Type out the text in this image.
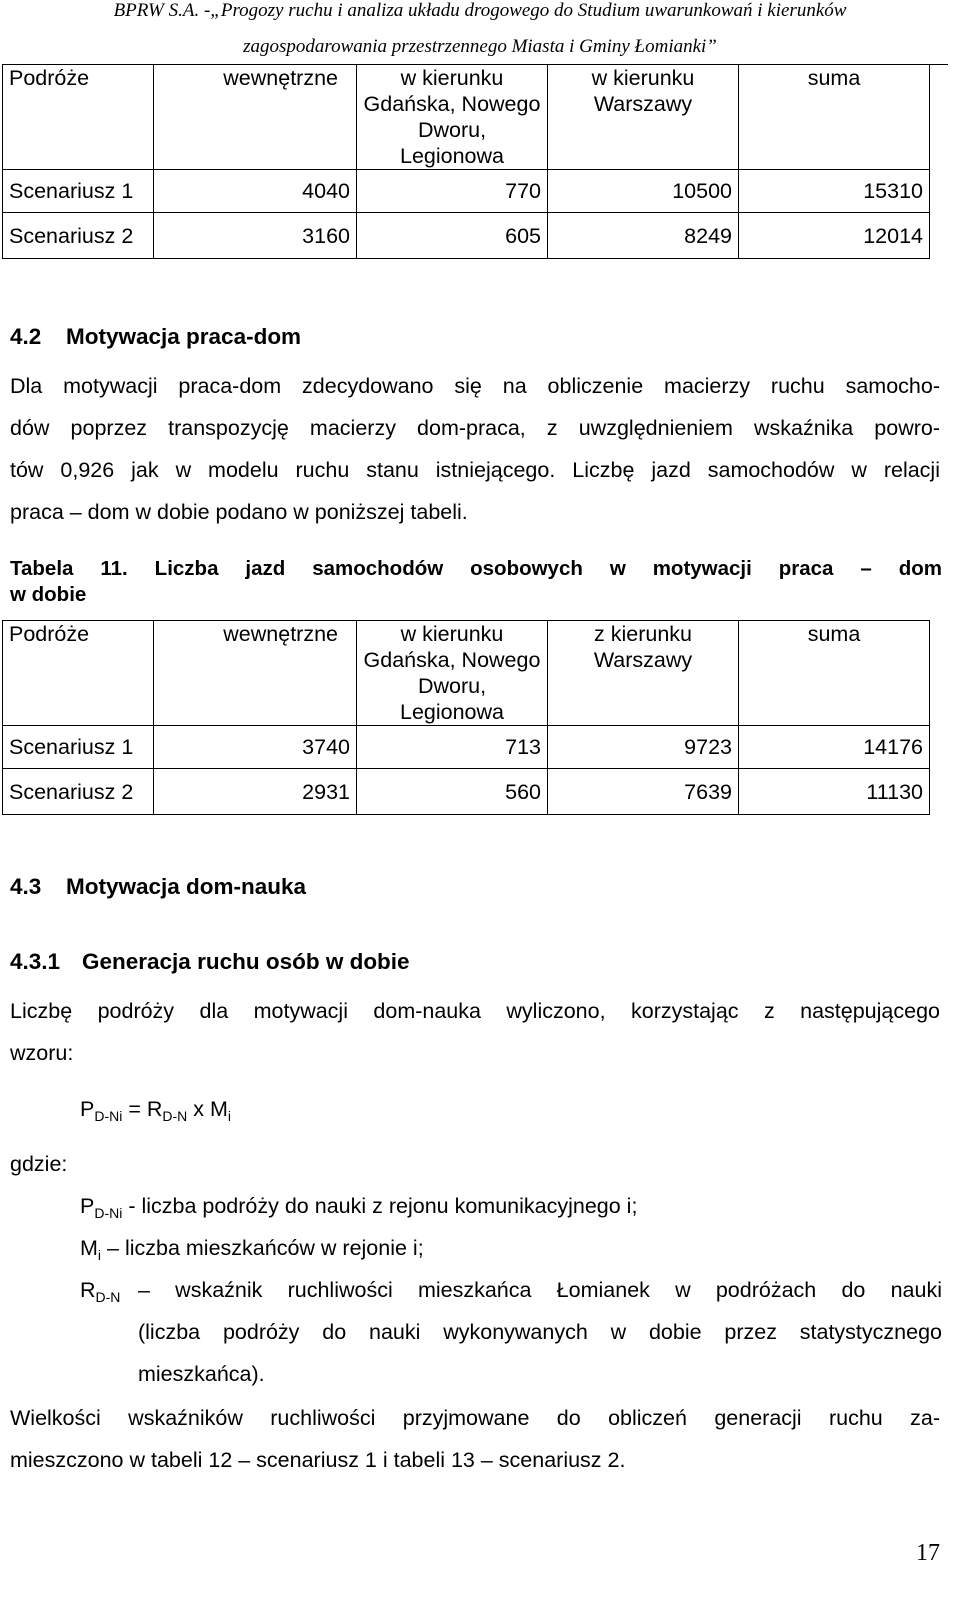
BPRW S.A. -„Progozy ruchu i analiza układu drogowego do Studium uwarunkowań i kierunków
zagospodarowania przestrzennego Miasta i Gminy Łomianki”
Podróże	wewnętrzne	w kierunku Gdańska, Nowego Dworu, Legionowa	w kierunku Warszawy	suma
Scenariusz 1	4040	770	10500	15310
Scenariusz 2	3160	605	8249	12014
4.2 Motywacja praca-dom
Dla motywacji praca-dom zdecydowano się na obliczenie macierzy ruchu samocho-
dów poprzez transpozycję macierzy dom-praca, z uwzględnieniem wskaźnika powro-
tów 0,926 jak w modelu ruchu stanu istniejącego. Liczbę jazd samochodów w relacji
praca – dom w dobie podano w poniższej tabeli.
Tabela 11. Liczba jazd samochodów osobowych w motywacji praca – dom
w dobie
Podróże	wewnętrzne	w kierunku Gdańska, Nowego Dworu, Legionowa	z kierunku Warszawy	suma
Scenariusz 1	3740	713	9723	14176
Scenariusz 2	2931	560	7639	11130
4.3 Motywacja dom-nauka
4.3.1 Generacja ruchu osób w dobie
Liczbę podróży dla motywacji dom-nauka wyliczono, korzystając z następującego
wzoru:
$P_{D-Ni} = R_{D-N}$ x $M_i$
gdzie:
$P_{D-Ni}$ - liczba podróży do nauki z rejonu komunikacyjnego i;
$M_i$ – liczba mieszkańców w rejonie i;
$R_{D-N}$ – wskaźnik ruchliwości mieszkańca Łomianek w podróżach do nauki
(liczba podróży do nauki wykonywanych w dobie przez statystycznego
mieszkańca).
Wielkości wskaźników ruchliwości przyjmowane do obliczeń generacji ruchu za-
mieszczono w tabeli 12 – scenariusz 1 i tabeli 13 – scenariusz 2.
17
